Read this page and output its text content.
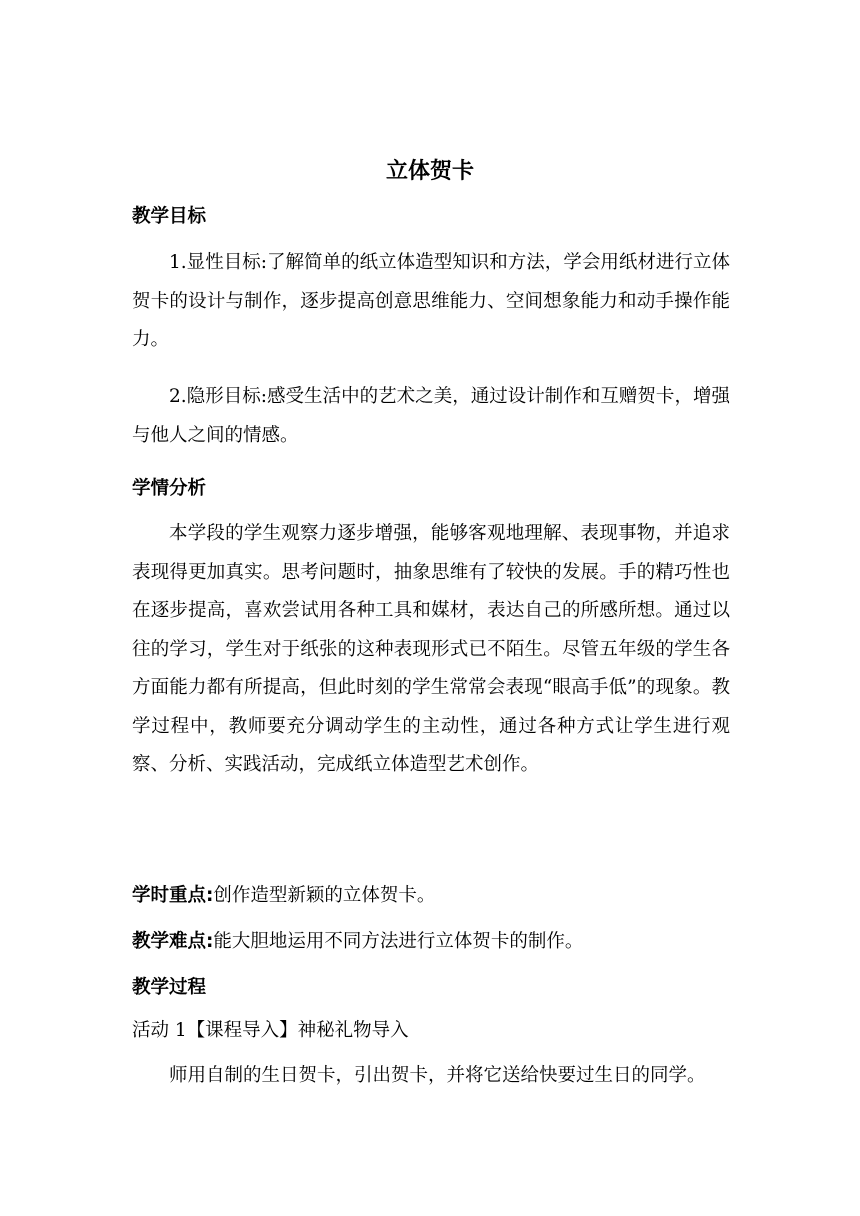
立体贺卡
教学目标

1.显性目标:了解简单的纸立体造型知识和方法，学会用纸材进行立体贺卡的设计与制作，逐步提高创意思维能力、空间想象能力和动手操作能力。

2.隐形目标:感受生活中的艺术之美，通过设计制作和互赠贺卡，增强与他人之间的情感。

学情分析

本学段的学生观察力逐步增强，能够客观地理解、表现事物，并追求表现得更加真实。思考问题时，抽象思维有了较快的发展。手的精巧性也在逐步提高，喜欢尝试用各种工具和媒材，表达自己的所感所想。通过以往的学习，学生对于纸张的这种表现形式已不陌生。尽管五年级的学生各方面能力都有所提高，但此时刻的学生常常会表现“眼高手低”的现象。教学过程中，教师要充分调动学生的主动性，通过各种方式让学生进行观察、分析、实践活动，完成纸立体造型艺术创作。

学时重点:创作造型新颖的立体贺卡。

教学难点:能大胆地运用不同方法进行立体贺卡的制作。

教学过程

活动 1【课程导入】神秘礼物导入

师用自制的生日贺卡，引出贺卡，并将它送给快要过生日的同学。
